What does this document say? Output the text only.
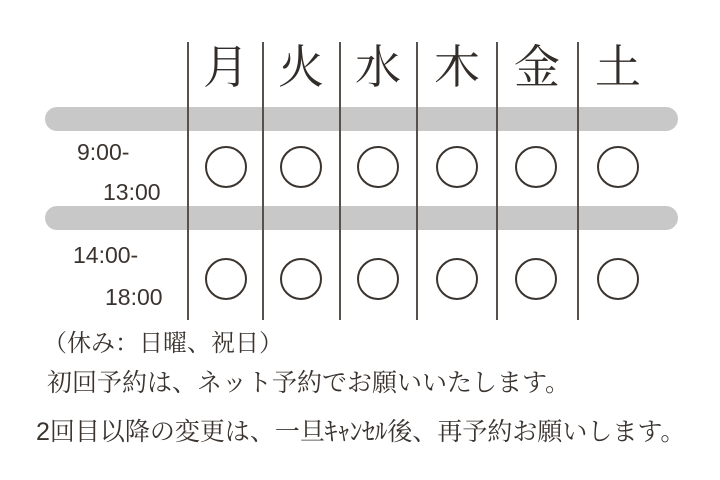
月 火 水 木 金 土
9:00-
13:00
14:00-
18:00
（休み：日曜、祝日）
初回予約は、ネット予約でお願いいたします。
2回目以降の変更は、一旦ｷｬﾝｾﾙ後、再予約お願いします。
